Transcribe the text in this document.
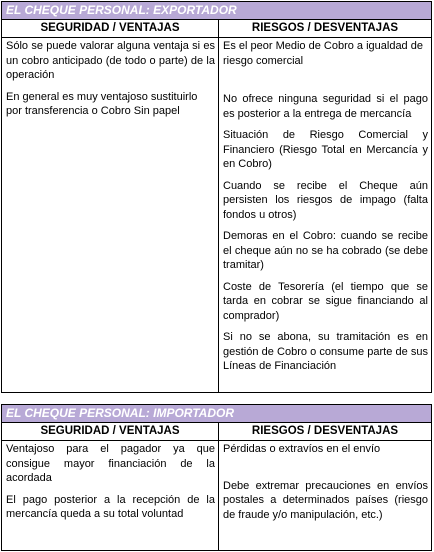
EL CHEQUE PERSONAL: EXPORTADOR
SEGURIDAD / VENTAJAS	RIESGOS / DESVENTAJAS

Sólo se puede valorar alguna ventaja si es un cobro anticipado (de todo o parte) de la operación

En general es muy ventajoso sustituirlo por transferencia o Cobro Sin papel

Es el peor Medio de Cobro a igualdad de riesgo comercial

No ofrece ninguna seguridad si el pago es posterior a la entrega de mercancía

Situación de Riesgo Comercial y Financiero (Riesgo Total en Mercancía y en Cobro)

Cuando se recibe el Cheque aún persisten los riesgos de impago (falta fondos u otros)

Demoras en el Cobro: cuando se recibe el cheque aún no se ha cobrado (se debe tramitar)

Coste de Tesorería (el tiempo que se tarda en cobrar se sigue financiando al comprador)

Si no se abona, su tramitación es en gestión de Cobro o consume parte de sus Líneas de Financiación

EL CHEQUE PERSONAL: IMPORTADOR
SEGURIDAD / VENTAJAS	RIESGOS / DESVENTAJAS

Ventajoso para el pagador ya que consigue mayor financiación de la acordada

El pago posterior a la recepción de la mercancía queda a su total voluntad

Pérdidas o extravíos en el envío

Debe extremar precauciones en envíos postales a determinados países (riesgo de fraude y/o manipulación, etc.)
